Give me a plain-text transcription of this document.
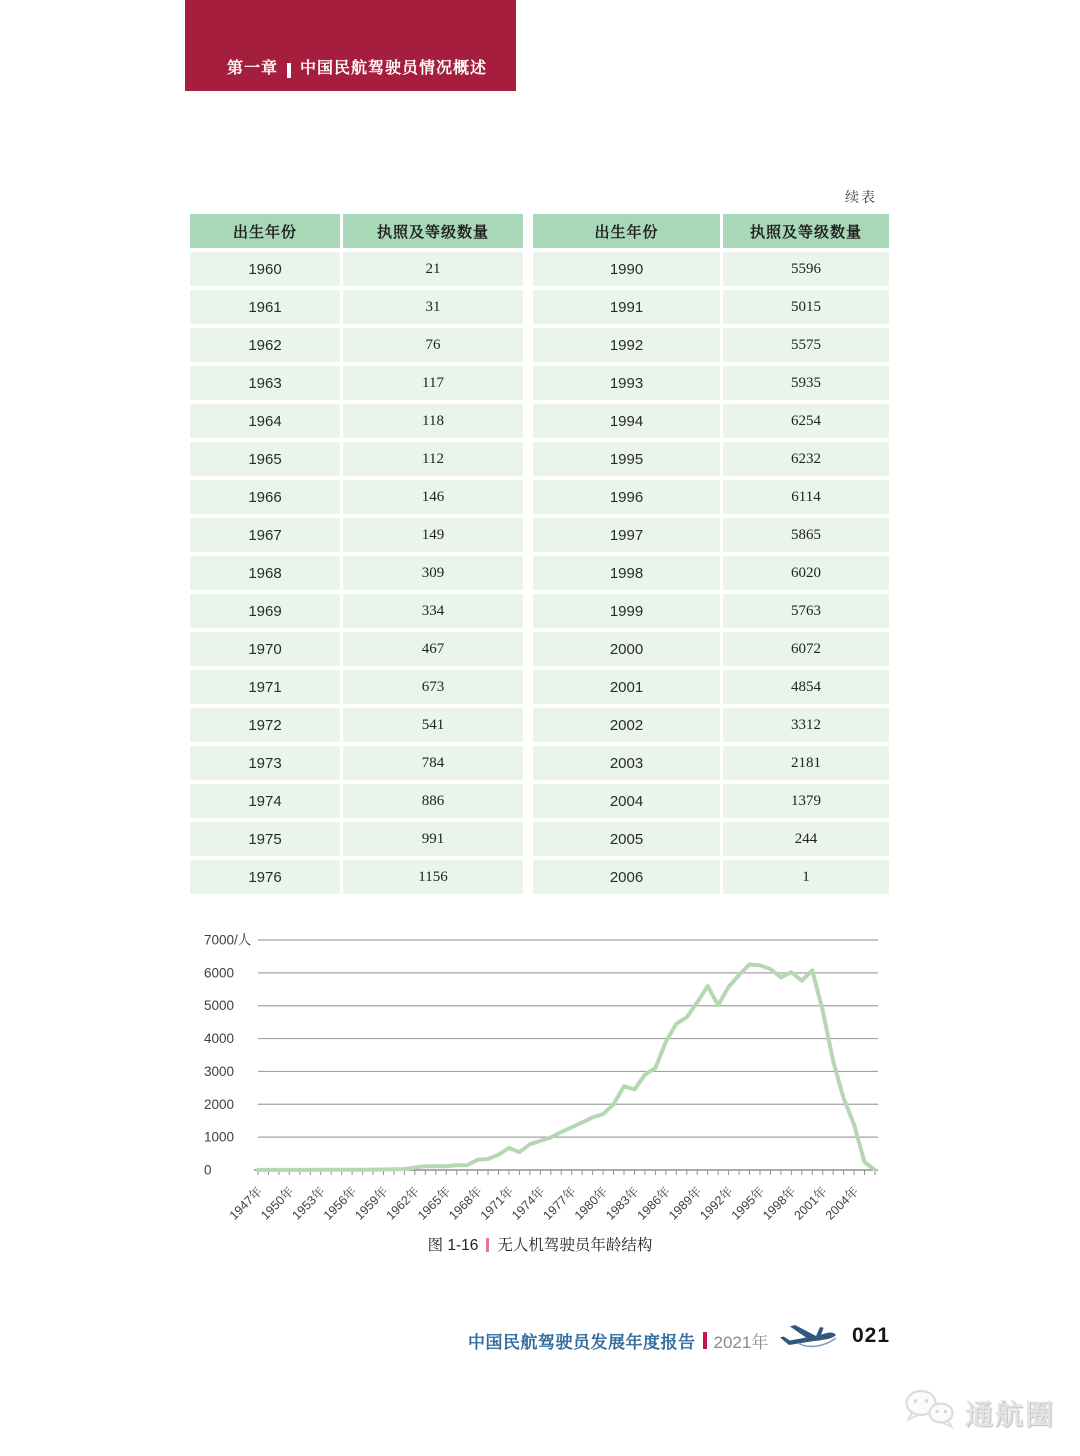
第一章 中国民航驾驶员情况概述
续表
出生年份	执照及等级数量
1960	21
1961	31
1962	76
1963	117
1964	118
1965	112
1966	146
1967	149
1968	309
1969	334
1970	467
1971	673
1972	541
1973	784
1974	886
1975	991
1976	1156
出生年份	执照及等级数量
1990	5596
1991	5015
1992	5575
1993	5935
1994	6254
1995	6232
1996	6114
1997	5865
1998	6020
1999	5763
2000	6072
2001	4854
2002	3312
2003	2181
2004	1379
2005	244
2006	1
0
1000
2000
3000
4000
5000
6000
7000/人
1947年
1950年
1953年
1956年
1959年
1962年
1965年
1968年
1971年
1974年
1977年
1980年
1983年
1986年
1989年
1992年
1995年
1998年
2001年
2004年
图 1-16 无人机驾驶员年龄结构
中国民航驾驶员发展年度报告 2021年	021
通航圈
